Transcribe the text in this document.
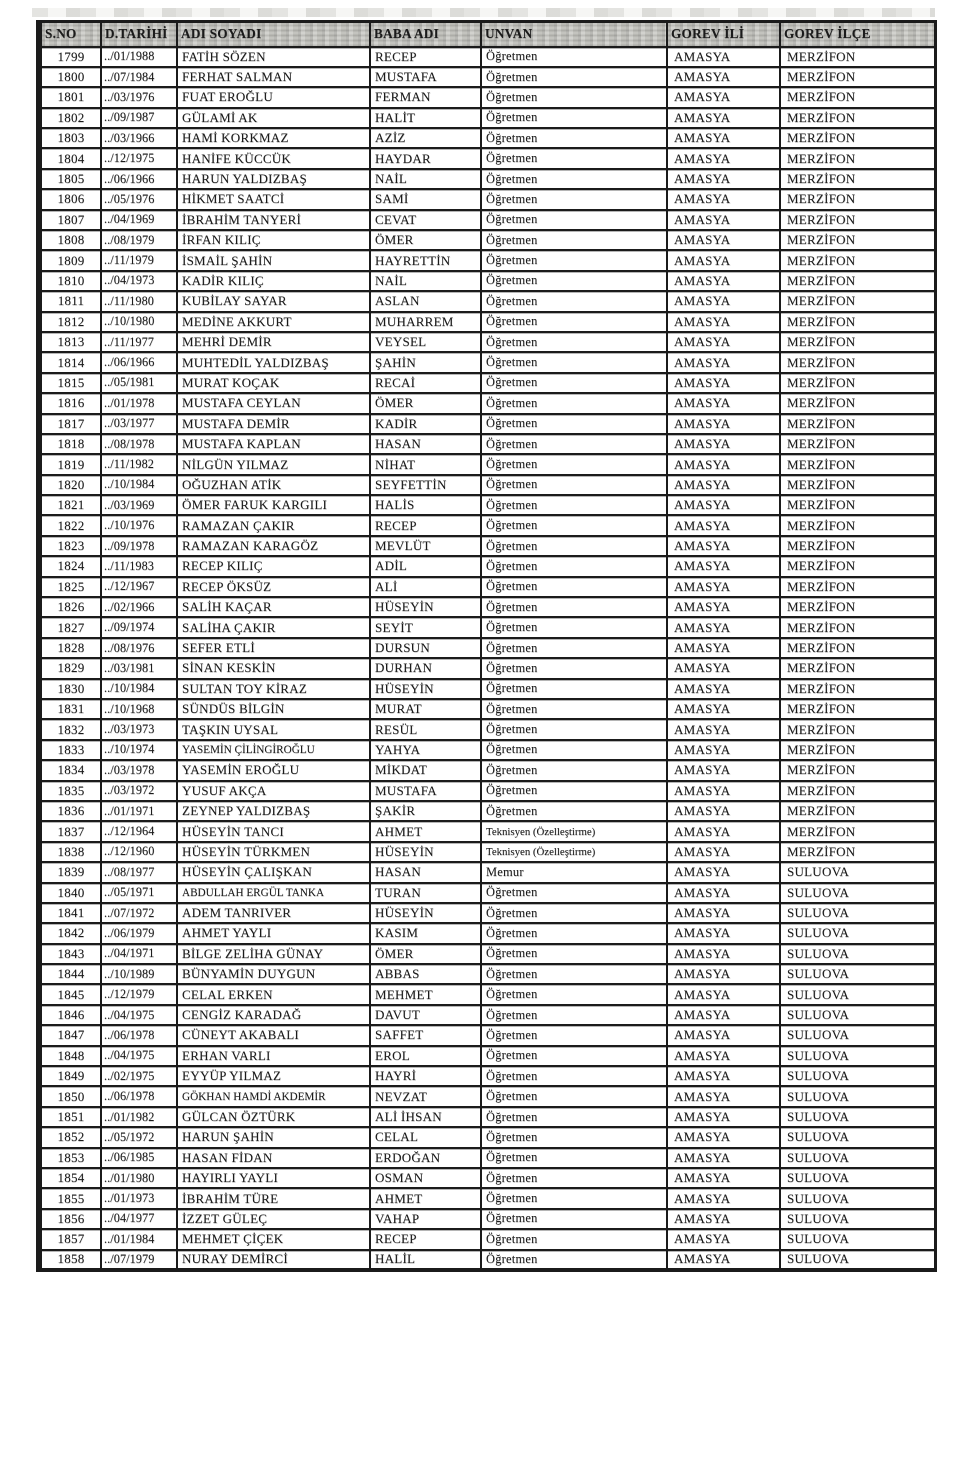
S.NO	D.TARİHİ	ADI SOYADI	BABA ADI	UNVAN	GOREV İLİ	GOREV İLÇE
1799	../01/1988	FATİH SÖZEN	RECEP	Öğretmen	AMASYA	MERZİFON
1800	../07/1984	FERHAT SALMAN	MUSTAFA	Öğretmen	AMASYA	MERZİFON
1801	../03/1976	FUAT EROĞLU	FERMAN	Öğretmen	AMASYA	MERZİFON
1802	../09/1987	GÜLAMİ AK	HALİT	Öğretmen	AMASYA	MERZİFON
1803	../03/1966	HAMİ KORKMAZ	AZİZ	Öğretmen	AMASYA	MERZİFON
1804	../12/1975	HANİFE KÜCCÜK	HAYDAR	Öğretmen	AMASYA	MERZİFON
1805	../06/1966	HARUN YALDIZBAŞ	NAİL	Öğretmen	AMASYA	MERZİFON
1806	../05/1976	HİKMET SAATCİ	SAMİ	Öğretmen	AMASYA	MERZİFON
1807	../04/1969	İBRAHİM TANYERİ	CEVAT	Öğretmen	AMASYA	MERZİFON
1808	../08/1979	İRFAN KILIÇ	ÖMER	Öğretmen	AMASYA	MERZİFON
1809	../11/1979	İSMAİL ŞAHİN	HAYRETTİN	Öğretmen	AMASYA	MERZİFON
1810	../04/1973	KADİR KILIÇ	NAİL	Öğretmen	AMASYA	MERZİFON
1811	../11/1980	KUBİLAY SAYAR	ASLAN	Öğretmen	AMASYA	MERZİFON
1812	../10/1980	MEDİNE AKKURT	MUHARREM	Öğretmen	AMASYA	MERZİFON
1813	../11/1977	MEHRİ DEMİR	VEYSEL	Öğretmen	AMASYA	MERZİFON
1814	../06/1966	MUHTEDİL YALDIZBAŞ	ŞAHİN	Öğretmen	AMASYA	MERZİFON
1815	../05/1981	MURAT KOÇAK	RECAİ	Öğretmen	AMASYA	MERZİFON
1816	../01/1978	MUSTAFA CEYLAN	ÖMER	Öğretmen	AMASYA	MERZİFON
1817	../03/1977	MUSTAFA DEMİR	KADİR	Öğretmen	AMASYA	MERZİFON
1818	../08/1978	MUSTAFA KAPLAN	HASAN	Öğretmen	AMASYA	MERZİFON
1819	../11/1982	NİLGÜN YILMAZ	NİHAT	Öğretmen	AMASYA	MERZİFON
1820	../10/1984	OĞUZHAN ATİK	SEYFETTİN	Öğretmen	AMASYA	MERZİFON
1821	../03/1969	ÖMER FARUK KARGILI	HALİS	Öğretmen	AMASYA	MERZİFON
1822	../10/1976	RAMAZAN ÇAKIR	RECEP	Öğretmen	AMASYA	MERZİFON
1823	../09/1978	RAMAZAN KARAGÖZ	MEVLÜT	Öğretmen	AMASYA	MERZİFON
1824	../11/1983	RECEP KILIÇ	ADİL	Öğretmen	AMASYA	MERZİFON
1825	../12/1967	RECEP ÖKSÜZ	ALİ	Öğretmen	AMASYA	MERZİFON
1826	../02/1966	SALİH KAÇAR	HÜSEYİN	Öğretmen	AMASYA	MERZİFON
1827	../09/1974	SALİHA ÇAKIR	SEYİT	Öğretmen	AMASYA	MERZİFON
1828	../08/1976	SEFER ETLİ	DURSUN	Öğretmen	AMASYA	MERZİFON
1829	../03/1981	SİNAN KESKİN	DURHAN	Öğretmen	AMASYA	MERZİFON
1830	../10/1984	SULTAN TOY KİRAZ	HÜSEYİN	Öğretmen	AMASYA	MERZİFON
1831	../10/1968	SÜNDÜS BİLGİN	MURAT	Öğretmen	AMASYA	MERZİFON
1832	../03/1973	TAŞKIN UYSAL	RESÜL	Öğretmen	AMASYA	MERZİFON
1833	../10/1974	YASEMİN ÇİLİNGİROĞLU	YAHYA	Öğretmen	AMASYA	MERZİFON
1834	../03/1978	YASEMİN EROĞLU	MİKDAT	Öğretmen	AMASYA	MERZİFON
1835	../03/1972	YUSUF AKÇA	MUSTAFA	Öğretmen	AMASYA	MERZİFON
1836	../01/1971	ZEYNEP YALDIZBAŞ	ŞAKİR	Öğretmen	AMASYA	MERZİFON
1837	../12/1964	HÜSEYİN TANCI	AHMET	Teknisyen (Özelleştirme)	AMASYA	MERZİFON
1838	../12/1960	HÜSEYİN TÜRKMEN	HÜSEYİN	Teknisyen (Özelleştirme)	AMASYA	MERZİFON
1839	../08/1977	HÜSEYİN ÇALIŞKAN	HASAN	Memur	AMASYA	SULUOVA
1840	../05/1971	ABDULLAH ERGÜL TANKA	TURAN	Öğretmen	AMASYA	SULUOVA
1841	../07/1972	ADEM TANRIVER	HÜSEYİN	Öğretmen	AMASYA	SULUOVA
1842	../06/1979	AHMET YAYLI	KASIM	Öğretmen	AMASYA	SULUOVA
1843	../04/1971	BİLGE ZELİHA GÜNAY	ÖMER	Öğretmen	AMASYA	SULUOVA
1844	../10/1989	BÜNYAMİN DUYGUN	ABBAS	Öğretmen	AMASYA	SULUOVA
1845	../12/1979	CELAL ERKEN	MEHMET	Öğretmen	AMASYA	SULUOVA
1846	../04/1975	CENGİZ KARADAĞ	DAVUT	Öğretmen	AMASYA	SULUOVA
1847	../06/1978	CÜNEYT AKABALI	SAFFET	Öğretmen	AMASYA	SULUOVA
1848	../04/1975	ERHAN VARLI	EROL	Öğretmen	AMASYA	SULUOVA
1849	../02/1975	EYYÜP YILMAZ	HAYRİ	Öğretmen	AMASYA	SULUOVA
1850	../06/1978	GÖKHAN HAMDİ AKDEMİR	NEVZAT	Öğretmen	AMASYA	SULUOVA
1851	../01/1982	GÜLCAN ÖZTÜRK	ALİ İHSAN	Öğretmen	AMASYA	SULUOVA
1852	../05/1972	HARUN ŞAHİN	CELAL	Öğretmen	AMASYA	SULUOVA
1853	../06/1985	HASAN FİDAN	ERDOĞAN	Öğretmen	AMASYA	SULUOVA
1854	../01/1980	HAYIRLI YAYLI	OSMAN	Öğretmen	AMASYA	SULUOVA
1855	../01/1973	İBRAHİM TÜRE	AHMET	Öğretmen	AMASYA	SULUOVA
1856	../04/1977	İZZET GÜLEÇ	VAHAP	Öğretmen	AMASYA	SULUOVA
1857	../01/1984	MEHMET ÇİÇEK	RECEP	Öğretmen	AMASYA	SULUOVA
1858	../07/1979	NURAY DEMİRCİ	HALİL	Öğretmen	AMASYA	SULUOVA
